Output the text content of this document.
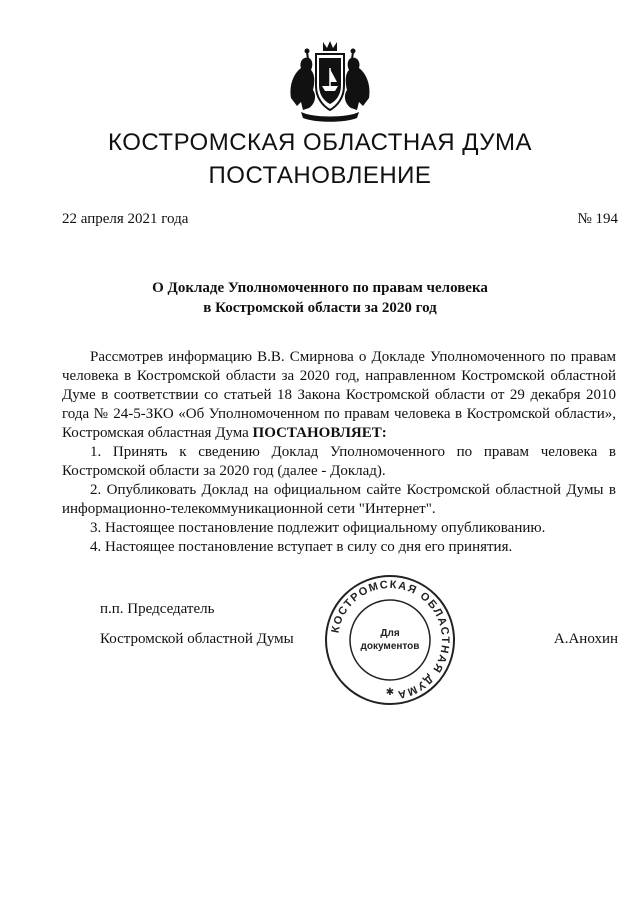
КОСТРОМСКАЯ ОБЛАСТНАЯ ДУМА
ПОСТАНОВЛЕНИЕ
22 апреля 2021 года	№ 194
О Докладе Уполномоченного по правам человека
в Костромской области за 2020 год

Рассмотрев информацию В.В. Смирнова о Докладе Уполномоченного по правам человека в Костромской области за 2020 год, направленном Костромской областной Думе в соответствии со статьей 18 Закона Костромской области от 29 декабря 2010 года № 24-5-ЗКО «Об Уполномоченном по правам человека в Костромской области», Костромская областная Дума ПОСТАНОВЛЯЕТ:

1. Принять к сведению Доклад Уполномоченного по правам человека в Костромской области за 2020 год (далее - Доклад).

2. Опубликовать Доклад на официальном сайте Костромской областной Думы в информационно-телекоммуникационной сети "Интернет".

3. Настоящее постановление подлежит официальному опубликованию.

4. Настоящее постановление вступает в силу со дня его принятия.

п.п. Председатель
Костромской областной Думы	А.Анохин
КОСТРОМСКАЯ ОБЛАСТНАЯ ДУМА
Для
документов
✱
